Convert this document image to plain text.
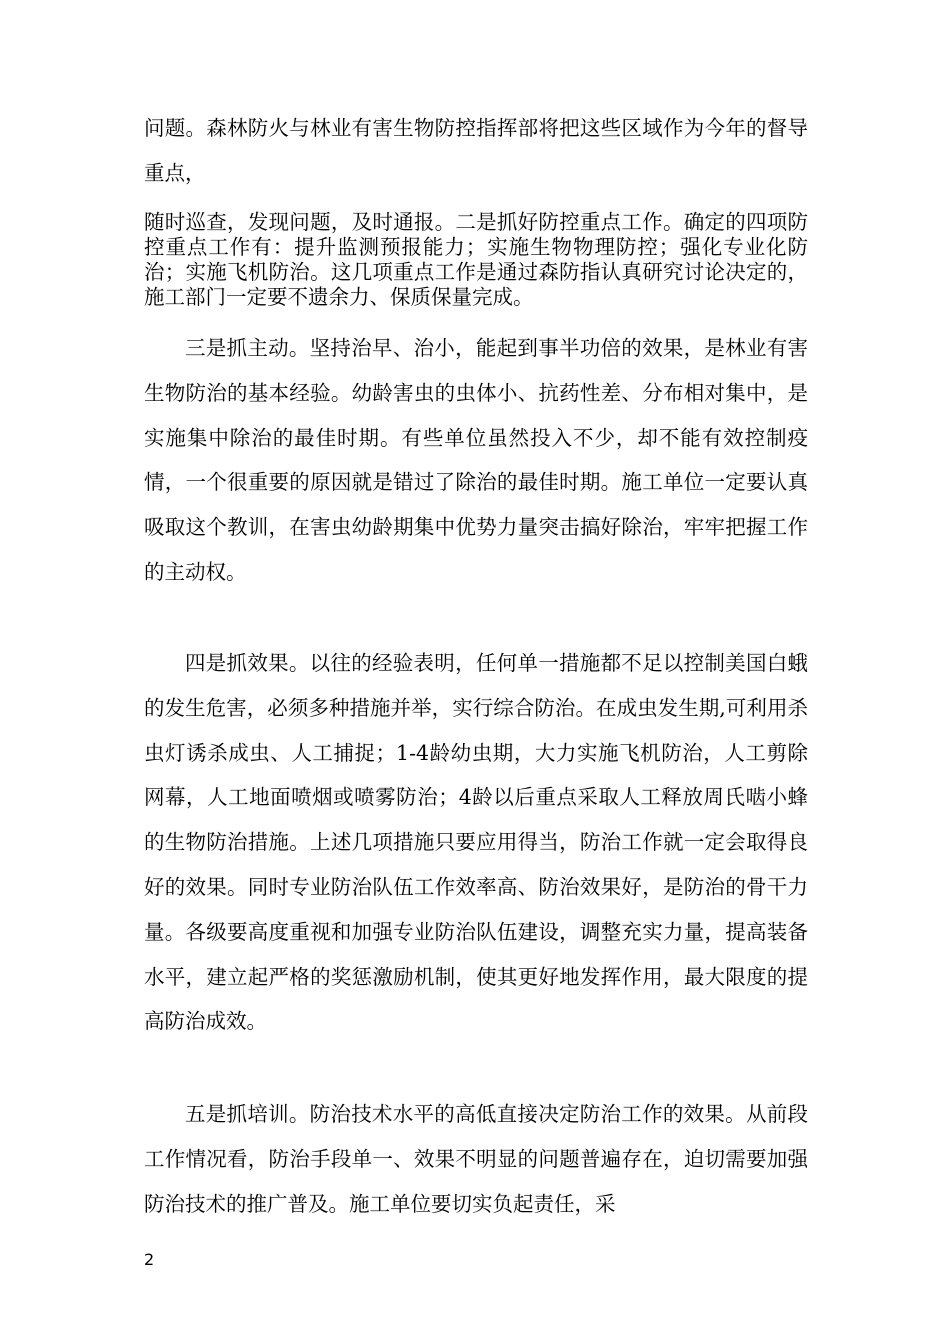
问题。森林防火与林业有害生物防控指挥部将把这些区域作为今年的督导重点，

随时巡查，发现问题，及时通报。二是抓好防控重点工作。确定的四项防控重点工作有：提升监测预报能力；实施生物物理防控；强化专业化防治；实施飞机防治。这几项重点工作是通过森防指认真研究讨论决定的，施工部门一定要不遗余力、保质保量完成。

三是抓主动。坚持治早、治小，能起到事半功倍的效果，是林业有害生物防治的基本经验。幼龄害虫的虫体小、抗药性差、分布相对集中，是实施集中除治的最佳时期。有些单位虽然投入不少，却不能有效控制疫情，一个很重要的原因就是错过了除治的最佳时期。施工单位一定要认真吸取这个教训，在害虫幼龄期集中优势力量突击搞好除治，牢牢把握工作的主动权。

四是抓效果。以往的经验表明，任何单一措施都不足以控制美国白蛾的发生危害，必须多种措施并举，实行综合防治。在成虫发生期,可利用杀虫灯诱杀成虫、人工捕捉；1-4龄幼虫期，大力实施飞机防治，人工剪除网幕，人工地面喷烟或喷雾防治；4龄以后重点采取人工释放周氏啮小蜂的生物防治措施。上述几项措施只要应用得当，防治工作就一定会取得良好的效果。同时专业防治队伍工作效率高、防治效果好，是防治的骨干力量。各级要高度重视和加强专业防治队伍建设，调整充实力量，提高装备水平，建立起严格的奖惩激励机制，使其更好地发挥作用，最大限度的提高防治成效。

五是抓培训。防治技术水平的高低直接决定防治工作的效果。从前段工作情况看，防治手段单一、效果不明显的问题普遍存在，迫切需要加强防治技术的推广普及。施工单位要切实负起责任，采

2
